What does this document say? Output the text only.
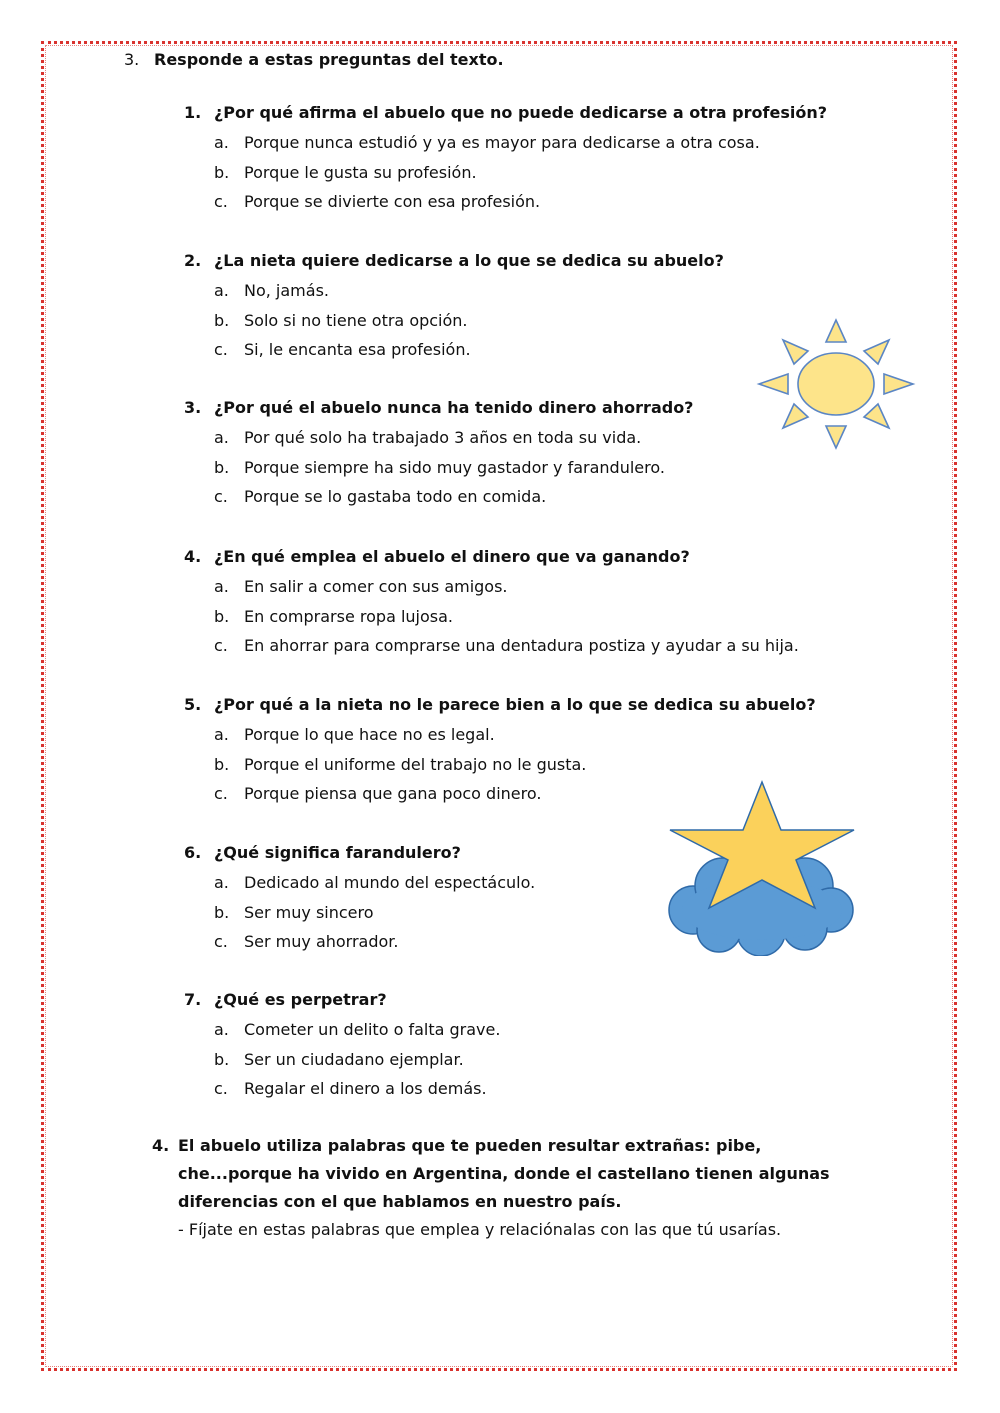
3. Responde a estas preguntas del texto.
1. ¿Por qué afirma el abuelo que no puede dedicarse a otra profesión?
a. Porque nunca estudió y ya es mayor para dedicarse a otra cosa.
b. Porque le gusta su profesión.
c. Porque se divierte con esa profesión.
2. ¿La nieta quiere dedicarse a lo que se dedica su abuelo?
a. No, jamás.
b. Solo si no tiene otra opción.
c. Si, le encanta esa profesión.
3. ¿Por qué el abuelo nunca ha tenido dinero ahorrado?
a. Por qué solo ha trabajado 3 años en toda su vida.
b. Porque siempre ha sido muy gastador y farandulero.
c. Porque se lo gastaba todo en comida.
4. ¿En qué emplea el abuelo el dinero que va ganando?
a. En salir a comer con sus amigos.
b. En comprarse ropa lujosa.
c. En ahorrar para comprarse una dentadura postiza y ayudar a su hija.
5. ¿Por qué a la nieta no le parece bien a lo que se dedica su abuelo?
a. Porque lo que hace no es legal.
b. Porque el uniforme del trabajo no le gusta.
c. Porque piensa que gana poco dinero.
6. ¿Qué significa farandulero?
a. Dedicado al mundo del espectáculo.
b. Ser muy sincero
c. Ser muy ahorrador.
7. ¿Qué es perpetrar?
a. Cometer un delito o falta grave.
b. Ser un ciudadano ejemplar.
c. Regalar el dinero a los demás.
4. El abuelo utiliza palabras que te pueden resultar extrañas: pibe,
che...porque ha vivido en Argentina, donde el castellano tienen algunas
diferencias con el que hablamos en nuestro país.
- Fíjate en estas palabras que emplea y relaciónalas con las que tú usarías.
